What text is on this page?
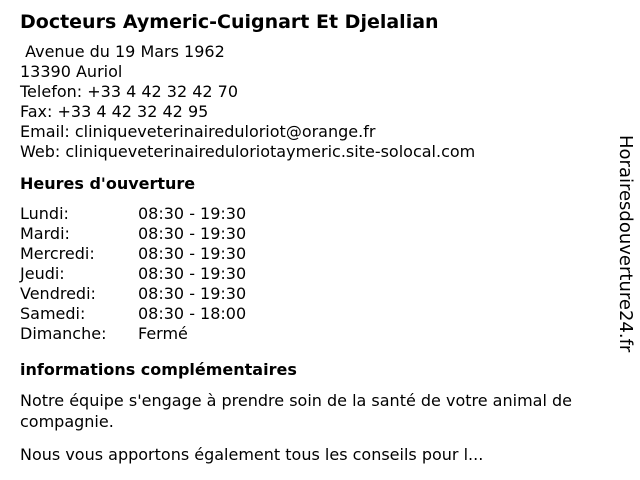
Docteurs Aymeric-Cuignart Et Djelalian
Avenue du 19 Mars 1962
13390 Auriol
Telefon: +33 4 42 32 42 70
Fax: +33 4 42 32 42 95
Email: cliniqueveterinaireduloriot@orange.fr
Web: cliniqueveterinaireduloriotaymeric.site-solocal.com
Heures d'ouverture
Lundi:	08:30 - 19:30
Mardi:	08:30 - 19:30
Mercredi:	08:30 - 19:30
Jeudi:	08:30 - 19:30
Vendredi:	08:30 - 19:30
Samedi:	08:30 - 18:00
Dimanche:	Fermé
informations complémentaires
Notre équipe s'engage à prendre soin de la santé de votre animal de compagnie.
Nous vous apportons également tous les conseils pour l...
Horairesdouverture24.fr
